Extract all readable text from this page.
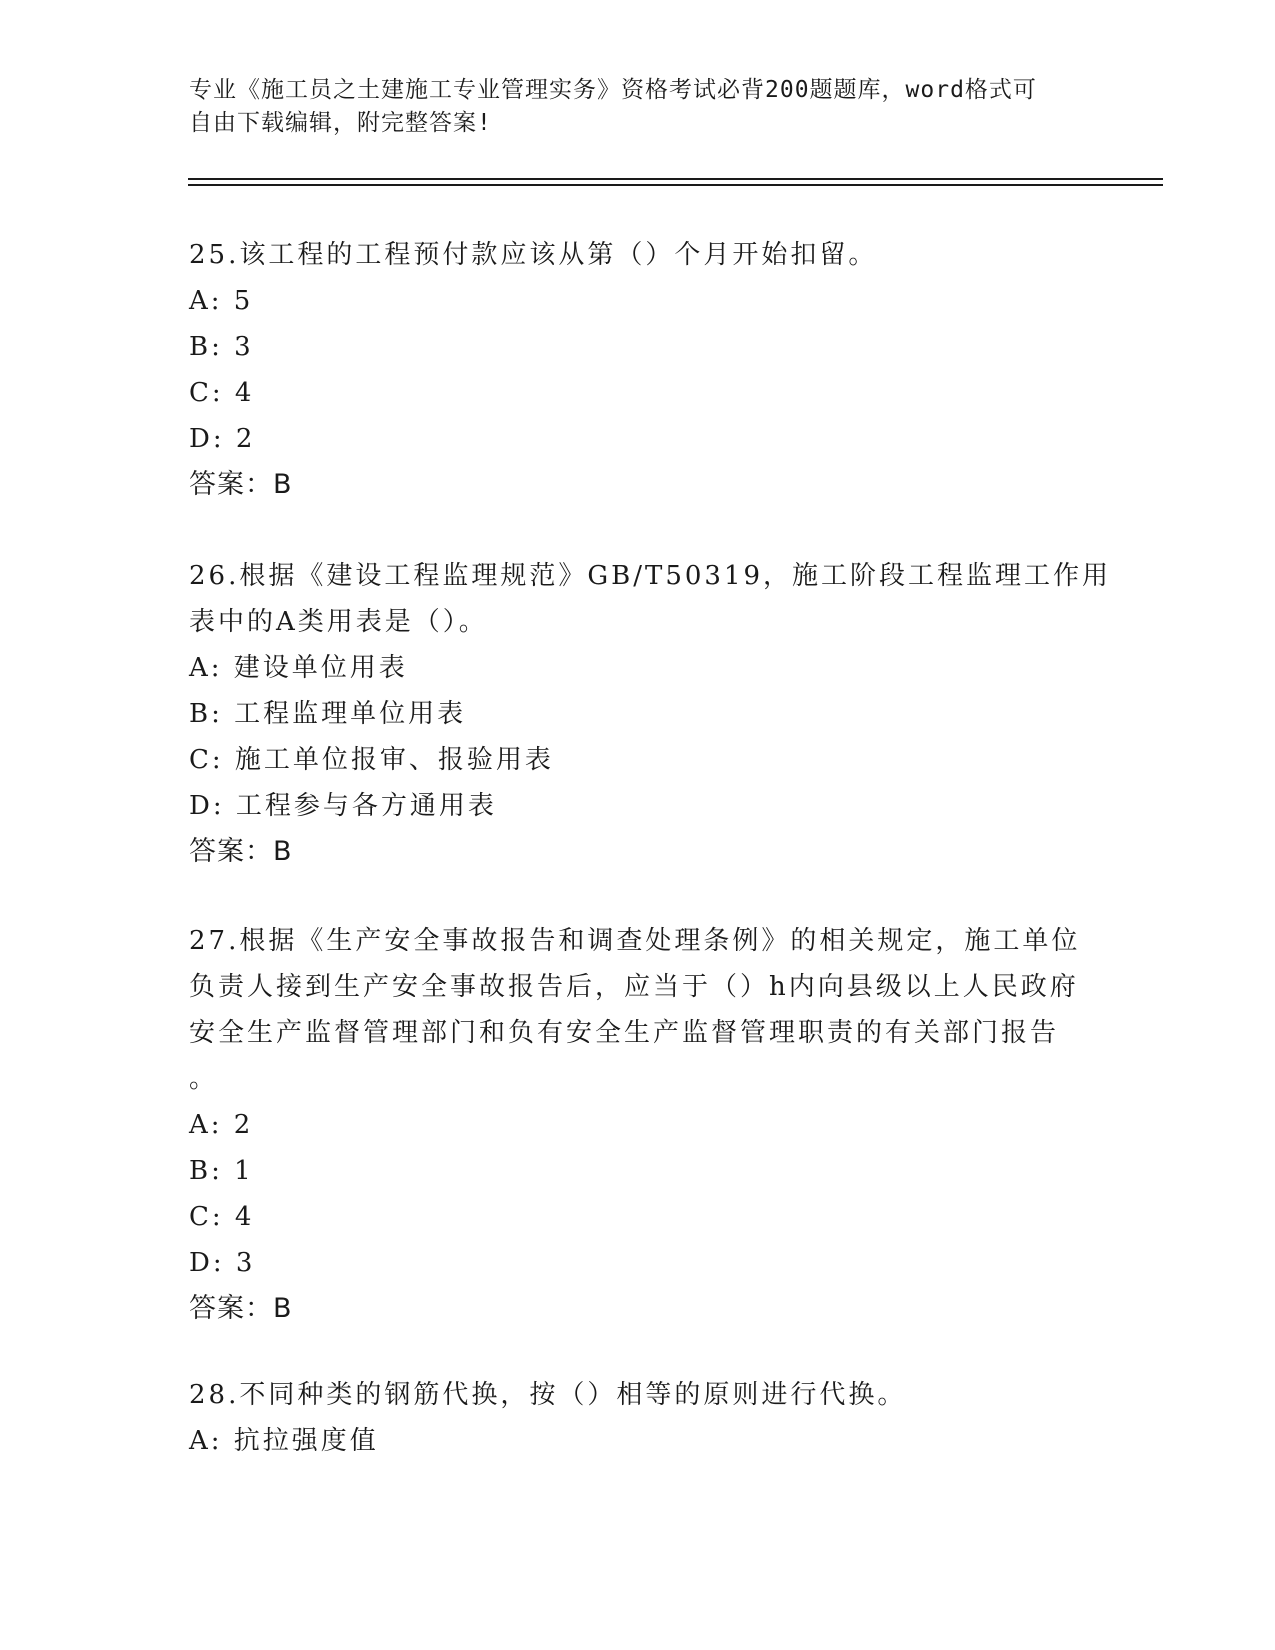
专业《施工员之土建施工专业管理实务》资格考试必背200题题库，word格式可
自由下载编辑，附完整答案!
25.该工程的工程预付款应该从第（）个月开始扣留。
A: 5
B: 3
C: 4
D: 2
答案：B
26.根据《建设工程监理规范》GB/T50319，施工阶段工程监理工作用
表中的A类用表是（）。
A: 建设单位用表
B: 工程监理单位用表
C: 施工单位报审、报验用表
D: 工程参与各方通用表
答案：B
27.根据《生产安全事故报告和调查处理条例》的相关规定，施工单位
负责人接到生产安全事故报告后，应当于（）h内向县级以上人民政府
安全生产监督管理部门和负有安全生产监督管理职责的有关部门报告
。
A: 2
B: 1
C: 4
D: 3
答案：B
28.不同种类的钢筋代换，按（）相等的原则进行代换。
A: 抗拉强度值
